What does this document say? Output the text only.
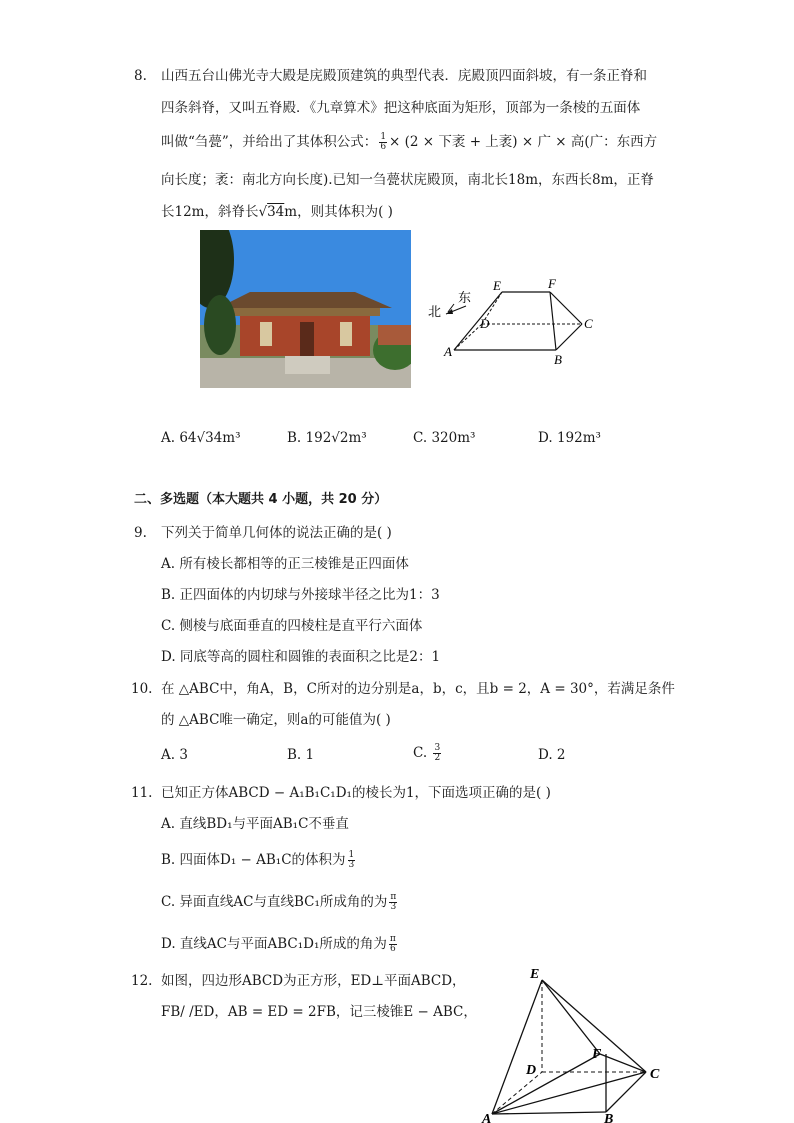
8. 山西五台山佛光寺大殿是庑殿顶建筑的典型代表．庑殿顶四面斜坡，有一条正脊和
四条斜脊，又叫五脊殿．《九章算术》把这种底面为矩形，顶部为一条棱的五面体
叫做“刍甍”，并给出了其体积公式： $\frac{1}{6} \times (2$ × 下袤 + 上袤) × 广 × 高(广：东西方
向长度；袤：南北方向长度).已知一刍甍状庑殿顶，南北长18m，东西长8m，正脊
长12m，斜脊长√34m，则其体积为( )
北
东
E	F
D	C
A
B
A. 64√34m³	B. 192√2m³	C. 320m³	D. 192m³
二、多选题（本大题共 4 小题，共 20 分）
9. 下列关于简单几何体的说法正确的是( )
A. 所有棱长都相等的正三棱锥是正四面体
B. 正四面体的内切球与外接球半径之比为1：3
C. 侧棱与底面垂直的四棱柱是直平行六面体
D. 同底等高的圆柱和圆锥的表面积之比是2：1
10. 在 △ABC中，角A，B，C所对的边分别是a，b，c，且b = 2，A = 30°，若满足条件
的 △ABC唯一确定，则a的可能值为( )
A. 3	B. 1	C. $\frac{3}{2}$	D. 2
11. 已知正方体ABCD − A₁B₁C₁D₁的棱长为1，下面选项正确的是( )
A. 直线BD₁与平面AB₁C不垂直
B. 四面体D₁ − AB₁C的体积为 $\frac{1}{3}$
C. 异面直线AC与直线BC₁所成角的为 $\frac{\pi}{3}$
D. 直线AC与平面ABC₁D₁所成的角为 $\frac{\pi}{6}$
12. 如图，四边形ABCD为正方形，ED⊥平面ABCD，
FB/ /ED，AB = ED = 2FB，记三棱锥E − ABC，
E
F
D	C
A	B
